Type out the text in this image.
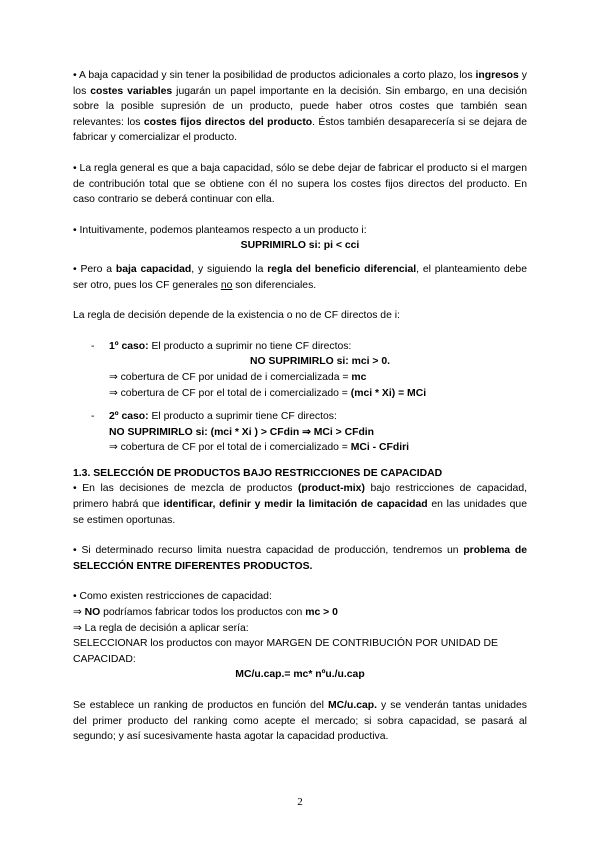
• A baja capacidad y sin tener la posibilidad de productos adicionales a corto plazo, los ingresos y los costes variables jugarán un papel importante en la decisión. Sin embargo, en una decisión sobre la posible supresión de un producto, puede haber otros costes que también sean relevantes: los costes fijos directos del producto. Éstos también desaparecería si se dejara de fabricar y comercializar el producto.

• La regla general es que a baja capacidad, sólo se debe dejar de fabricar el producto si el margen de contribución total que se obtiene con él no supera los costes fijos directos del producto. En caso contrario se deberá continuar con ella.

• Intuitivamente, podemos planteamos respecto a un producto i:

SUPRIMIRLO si: pi < cci

• Pero a baja capacidad, y siguiendo la regla del beneficio diferencial, el planteamiento debe ser otro, pues los CF generales no son diferenciales.

La regla de decisión depende de la existencia o no de CF directos de i:

- 1º caso: El producto a suprimir no tiene CF directos:

NO SUPRIMIRLO si: mci > 0.

⇒ cobertura de CF por unidad de i comercializada = mc

⇒ cobertura de CF por el total de i comercializado = (mci * Xi) = MCi

- 2º caso: El producto a suprimir tiene CF directos:

NO SUPRIMIRLO si: (mci * Xi ) > CFdin ⇒ MCi > CFdin

⇒ cobertura de CF por el total de i comercializado = MCi - CFdiri

1.3. SELECCIÓN DE PRODUCTOS BAJO RESTRICCIONES DE CAPACIDAD

• En las decisiones de mezcla de productos (product-mix) bajo restricciones de capacidad, primero habrá que identificar, definir y medir la limitación de capacidad en las unidades que se estimen oportunas.

• Si determinado recurso limita nuestra capacidad de producción, tendremos un problema de SELECCIÓN ENTRE DIFERENTES PRODUCTOS.

• Como existen restricciones de capacidad:

⇒ NO podríamos fabricar todos los productos con mc > 0

⇒ La regla de decisión a aplicar sería:

SELECCIONAR los productos con mayor MARGEN DE CONTRIBUCIÓN POR UNIDAD DE CAPACIDAD:

MC/u.cap.= mc* nºu./u.cap

Se establece un ranking de productos en función del MC/u.cap. y se venderán tantas unidades del primer producto del ranking como acepte el mercado; si sobra capacidad, se pasará al segundo; y así sucesivamente hasta agotar la capacidad productiva.

2
